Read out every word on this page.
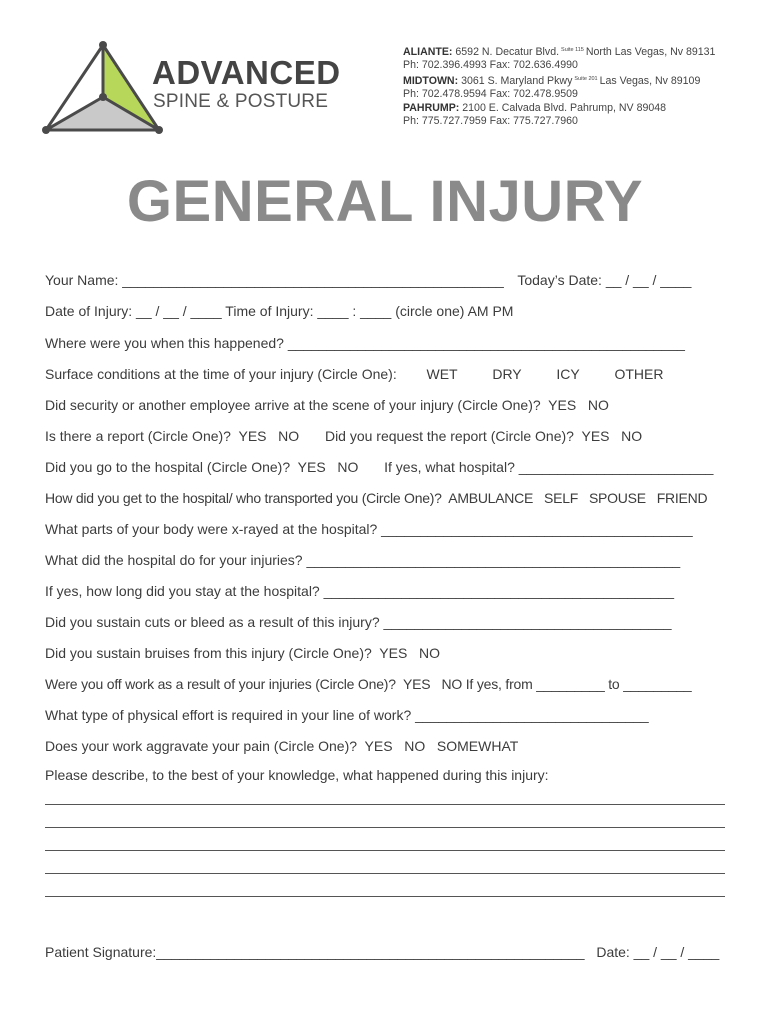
ADVANCED
SPINE & POSTURE
ALIANTE: 6592 N. Decatur Blvd. $^{Suite 115}$ North Las Vegas, Nv 89131
Ph: 702.396.4993 Fax: 702.636.4990
MIDTOWN: 3061 S. Maryland Pkwy $^{Suite 201}$ Las Vegas, Nv 89109
Ph: 702.478.9594 Fax: 702.478.9509
PAHRUMP: 2100 E. Calvada Blvd. Pahrump, NV 89048
Ph: 775.727.7959 Fax: 775.727.7960
GENERAL INJURY
Your Name: _________________________________________________ Today’s Date: __ / __ / ____
Date of Injury: __ / __ / ____ Time of Injury: ____ : ____ (circle one) AM PM
Where were you when this happened? ___________________________________________________
Surface conditions at the time of your injury (Circle One): WET         DRY         ICY         OTHER
Did security or another employee arrive at the scene of your injury (Circle One)?  YES   NO
Is there a report (Circle One)?  YES   NO Did you request the report (Circle One)?  YES   NO
Did you go to the hospital (Circle One)?  YES   NO If yes, what hospital? _________________________
How did you get to the hospital/ who transported you (Circle One)?  AMBULANCE   SELF   SPOUSE   FRIEND
What parts of your body were x-rayed at the hospital? ________________________________________
What did the hospital do for your injuries? ________________________________________________
If yes, how long did you stay at the hospital? _____________________________________________
Did you sustain cuts or bleed as a result of this injury? _____________________________________
Did you sustain bruises from this injury (Circle One)?  YES   NO
Were you off work as a result of your injuries (Circle One)?  YES   NO If yes, from _________ to _________
What type of physical effort is required in your line of work? ______________________________
Does your work aggravate your pain (Circle One)?  YES   NO   SOMEWHAT
Please describe, to the best of your knowledge, what happened during this injury:
Patient Signature:_______________________________________________________ Date: __ / __ / ____
